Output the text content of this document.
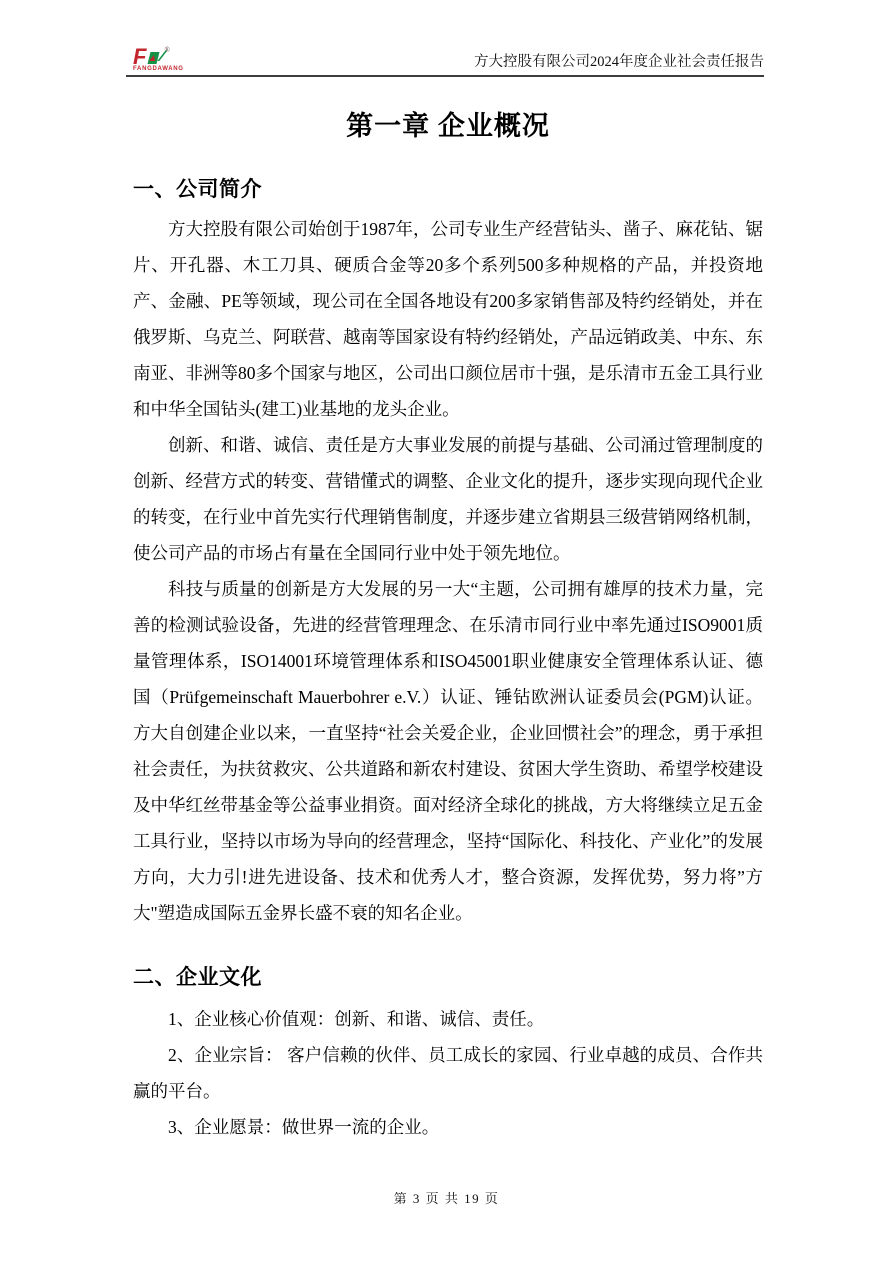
F ∕∕ ®
FANGDAWANG	方大控股有限公司2024年度企业社会责任报告
第一章 企业概况
一、公司简介

方大控股有限公司始创于1987年，公司专业生产经营钻头、凿子、麻花钻、锯片、开孔器、木工刀具、硬质合金等20多个系列500多种规格的产品，并投资地产、金融、PE等领域，现公司在全国各地设有200多家销售部及特约经销处，并在俄罗斯、乌克兰、阿联营、越南等国家设有特约经销处，产品远销政美、中东、东南亚、非洲等80多个国家与地区，公司出口颜位居市十强，是乐清市五金工具行业和中华全国钻头(建工)业基地的龙头企业。

创新、和谐、诚信、责任是方大事业发展的前提与基础、公司涌过管理制度的创新、经营方式的转变、营错懂式的调整、企业文化的提升，逐步实现向现代企业的转变，在行业中首先实行代理销售制度，并逐步建立省期县三级营销网络机制，使公司产品的市场占有量在全国同行业中处于领先地位。

科技与质量的创新是方大发展的另一大“主题，公司拥有雄厚的技术力量，完善的检测试验设备，先进的经营管理理念、在乐清市同行业中率先通过ISO9001质量管理体系，ISO14001环境管理体系和ISO45001职业健康安全管理体系认证、德国（Prüfgemeinschaft Mauerbohrer e.V.）认证、锤钻欧洲认证委员会(PGM)认证。方大自创建企业以来，一直坚持“社会关爱企业，企业回惯社会”的理念，勇于承担社会责任，为扶贫救灾、公共道路和新农村建设、贫困大学生资助、希望学校建设及中华红丝带基金等公益事业捐资。面对经济全球化的挑战，方大将继续立足五金工具行业，坚持以市场为导向的经营理念，坚持“国际化、科技化、产业化”的发展方向，大力引!进先进设备、技术和优秀人才，整合资源，发挥优势，努力将”方大"塑造成国际五金界长盛不衰的知名企业。

二、企业文化

1、企业核心价值观：创新、和谐、诚信、责任。

2、企业宗旨： 客户信赖的伙伴、员工成长的家园、行业卓越的成员、合作共赢的平台。

3、企业愿景：做世界一流的企业。

第 3 页 共 19 页
